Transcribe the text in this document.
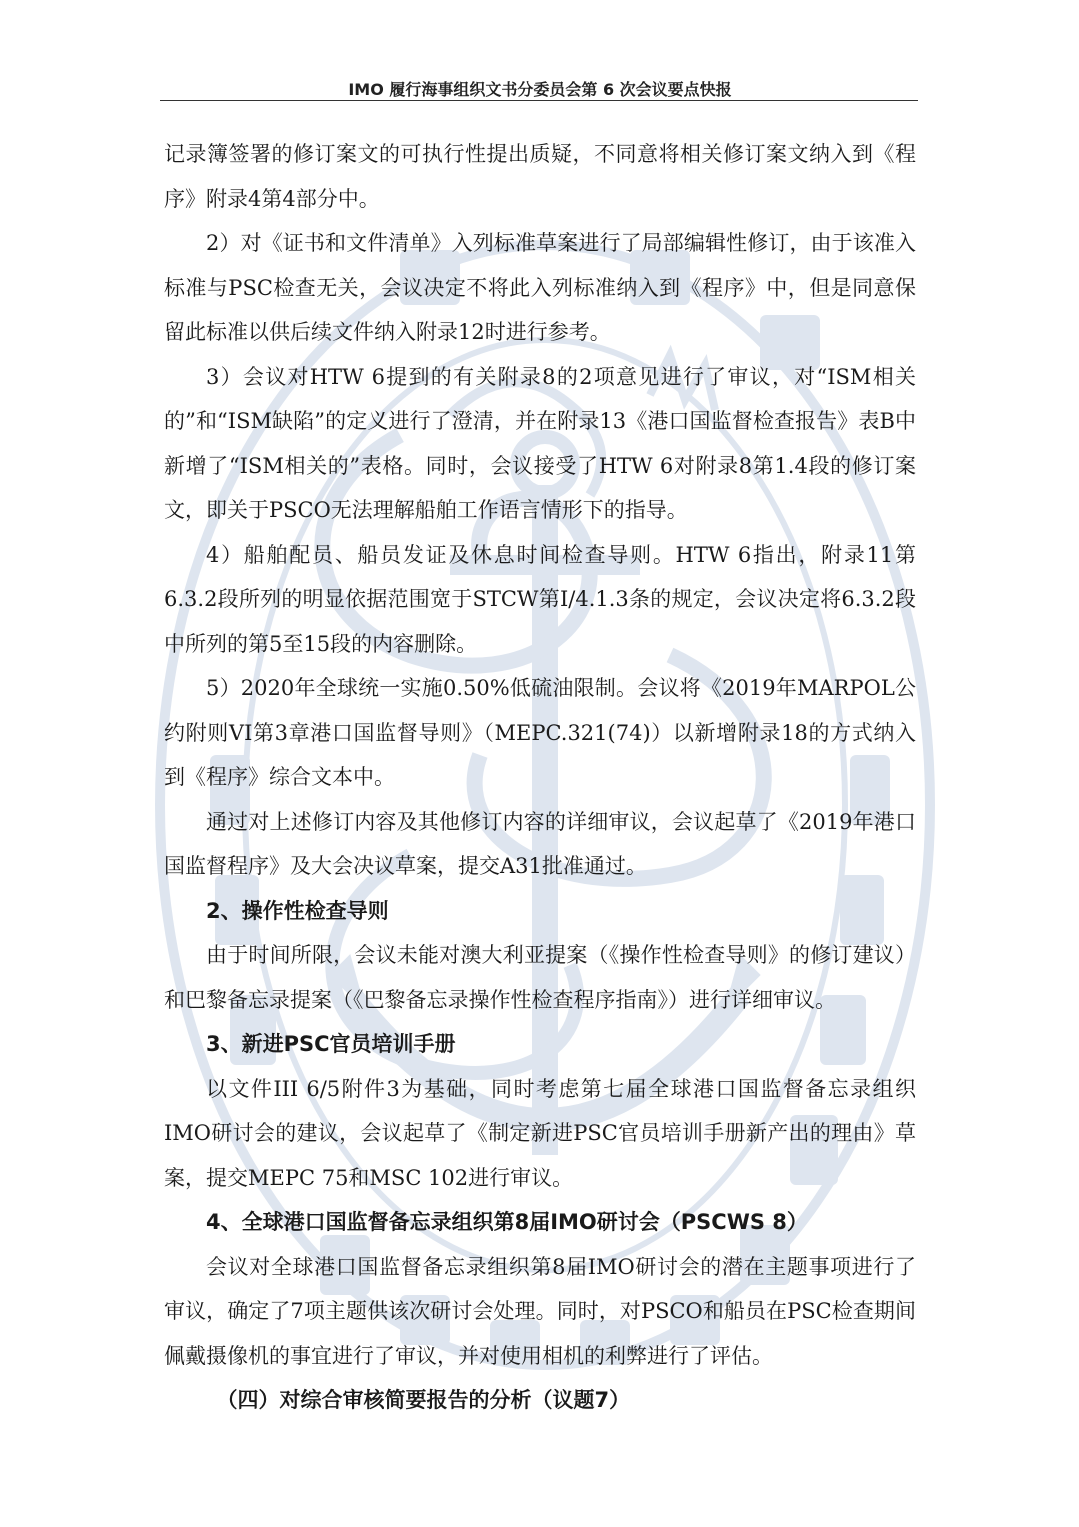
IMO 履行海事组织文书分委员会第 6 次会议要点快报

记录簿签署的修订案文的可执行性提出质疑，不同意将相关修订案文纳入到《程序》附录4第4部分中。

2）对《证书和文件清单》入列标准草案进行了局部编辑性修订，由于该准入标准与PSC检查无关，会议决定不将此入列标准纳入到《程序》中，但是同意保留此标准以供后续文件纳入附录12时进行参考。

3）会议对HTW 6提到的有关附录8的2项意见进行了审议，对“ISM相关的”和“ISM缺陷”的定义进行了澄清，并在附录13《港口国监督检查报告》表B中新增了“ISM相关的”表格。同时，会议接受了HTW 6对附录8第1.4段的修订案文，即关于PSCO无法理解船舶工作语言情形下的指导。

4）船舶配员、船员发证及休息时间检查导则。HTW 6指出，附录11第6.3.2段所列的明显依据范围宽于STCW第I/4.1.3条的规定，会议决定将6.3.2段中所列的第5至15段的内容删除。

5）2020年全球统一实施0.50%低硫油限制。会议将《2019年MARPOL公约附则VI第3章港口国监督导则》（MEPC.321(74)）以新增附录18的方式纳入到《程序》综合文本中。

通过对上述修订内容及其他修订内容的详细审议，会议起草了《2019年港口国监督程序》及大会决议草案，提交A31批准通过。

2、操作性检查导则

由于时间所限，会议未能对澳大利亚提案（《操作性检查导则》的修订建议）和巴黎备忘录提案（《巴黎备忘录操作性检查程序指南》）进行详细审议。

3、新进PSC官员培训手册

以文件III 6/5附件3为基础，同时考虑第七届全球港口国监督备忘录组织IMO研讨会的建议，会议起草了《制定新进PSC官员培训手册新产出的理由》草案，提交MEPC 75和MSC 102进行审议。

4、全球港口国监督备忘录组织第8届IMO研讨会（PSCWS 8）

会议对全球港口国监督备忘录组织第8届IMO研讨会的潜在主题事项进行了审议，确定了7项主题供该次研讨会处理。同时，对PSCO和船员在PSC检查期间佩戴摄像机的事宜进行了审议，并对使用相机的利弊进行了评估。

（四）对综合审核简要报告的分析（议题7）
